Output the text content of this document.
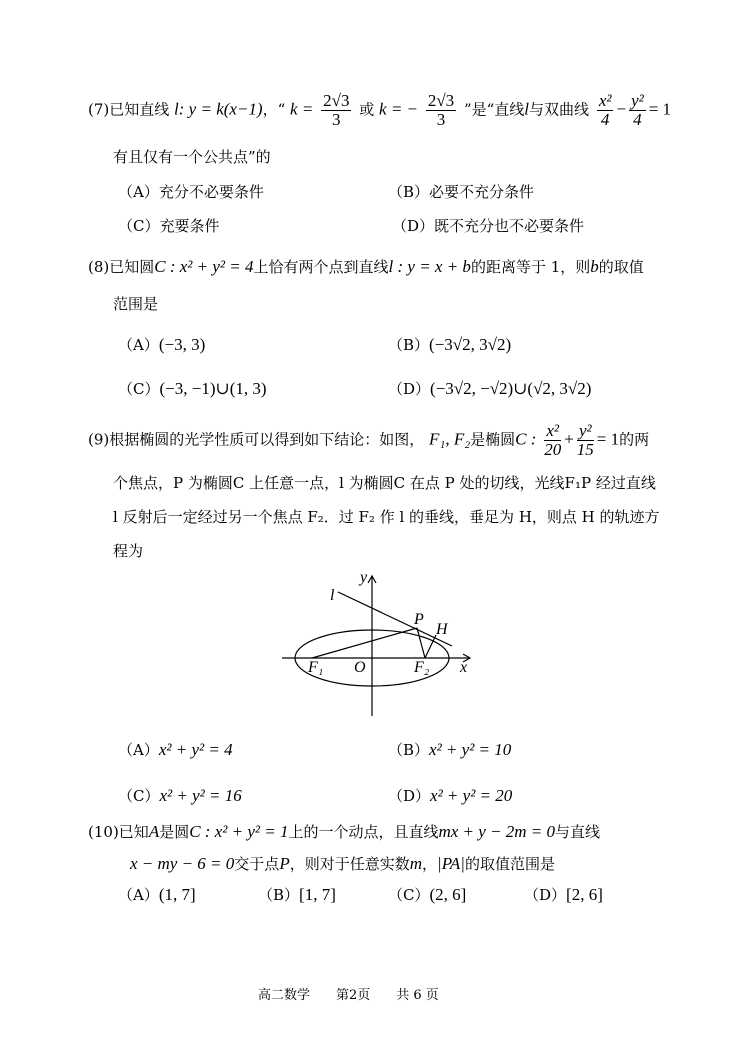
(7)已知直线 l: y = k(x−1)，“ $k = \frac{2√3}{3}$ 或 k = − $\frac{2√3}{3}$ ”是“直线l与双曲线 $\frac{\text{x²}}{4} - \frac{\text{y²}}{4} = 1$
有且仅有一个公共点”的
（A）充分不必要条件	（B）必要不充分条件
（C）充要条件	（D）既不充分也不必要条件
(8)已知圆C : x² + y² = 4上恰有两个点到直线l : y = x + b的距离等于 1，则b的取值
范围是
（A）(−3, 3)	（B）(−3√2, 3√2)
（C）(−3, −1)∪(1, 3)	（D）(−3√2, −√2)∪(√2, 3√2)
(9)根据椭圆的光学性质可以得到如下结论：如图， F₁, F₂是椭圆C : $\frac{\text{x²}}{20} + \frac{\text{y²}}{15} = 1$的两
个焦点，P 为椭圆C 上任意一点，l 为椭圆C 在点 P 处的切线，光线F₁P 经过直线
l 反射后一定经过另一个焦点 F₂．过 F₂ 作 l 的垂线，垂足为 H，则点 H 的轨迹方
程为
y
x
l
P
H
F₁ O	F₂
（A）x² + y² = 4	（B）x² + y² = 10
（C）x² + y² = 16	（D）x² + y² = 20
(10)已知A是圆C : x² + y² = 1上的一个动点，且直线mx + y − 2m = 0与直线
x − my − 6 = 0交于点P，则对于任意实数m，|PA|的取值范围是
（A）(1, 7]	（B）[1, 7]	（C）(2, 6]	（D）[2, 6]
高二数学　　第2页　　共 6 页
